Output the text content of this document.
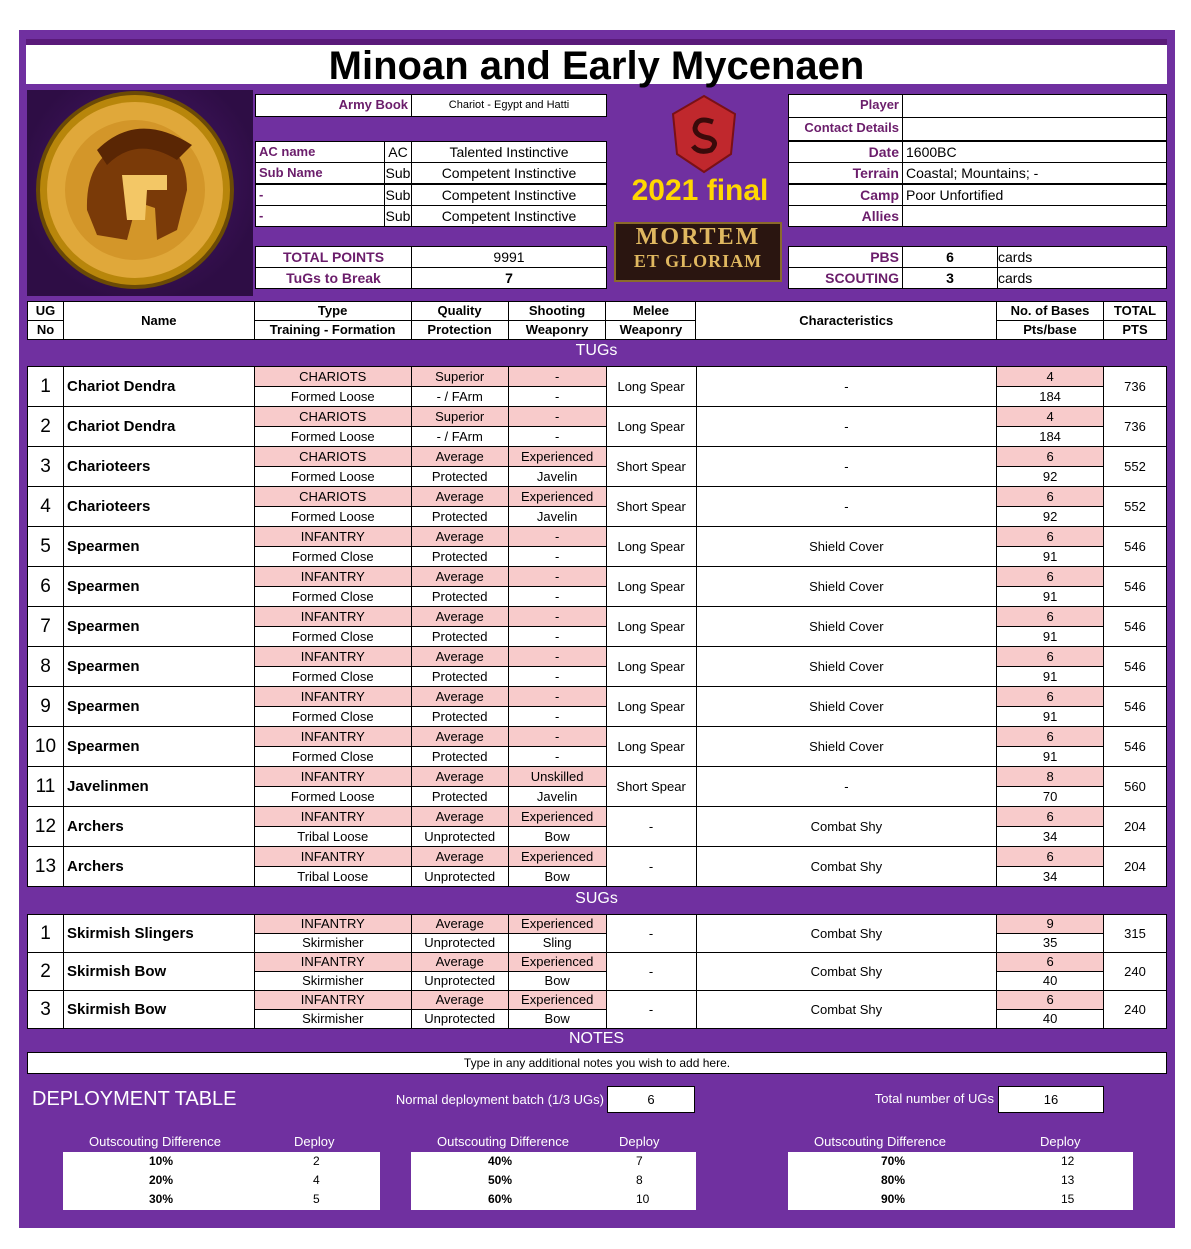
Minoan and Early Mycenaen
Army Book	Chariot - Egypt and Hatti
TOTAL POINTS	9991
TuGs to Break	7
2021 final
MORTEM
ET GLORIAM	PBS	6	cards
SCOUTING	3	cards
UG	Name	Type	Quality	Shooting	Melee	Characteristics	No. of Bases	TOTAL
No		Training - Formation	Protection	Weaponry	Weaponry		Pts/base	PTS
TUGs
1	Chariot Dendra	CHARIOTS	Superior	-	Long Spear	-	4	736
		Formed Loose	- / FArm	-			184	
2	Chariot Dendra	CHARIOTS	Superior	-	Long Spear	-	4	736
		Formed Loose	- / FArm	-			184	
3	Charioteers	CHARIOTS	Average	Experienced	Short Spear	-	6	552
		Formed Loose	Protected	Javelin			92	
4	Charioteers	CHARIOTS	Average	Experienced	Short Spear	-	6	552
		Formed Loose	Protected	Javelin			92	
5	Spearmen	INFANTRY	Average	-	Long Spear	Shield Cover	6	546
		Formed Close	Protected	-			91	
6	Spearmen	INFANTRY	Average	-	Long Spear	Shield Cover	6	546
		Formed Close	Protected	-			91	
7	Spearmen	INFANTRY	Average	-	Long Spear	Shield Cover	6	546
		Formed Close	Protected	-			91	
8	Spearmen	INFANTRY	Average	-	Long Spear	Shield Cover	6	546
		Formed Close	Protected	-			91	
9	Spearmen	INFANTRY	Average	-	Long Spear	Shield Cover	6	546
		Formed Close	Protected	-			91	
10	Spearmen	INFANTRY	Average	-	Long Spear	Shield Cover	6	546
		Formed Close	Protected	-			91	
11	Javelinmen	INFANTRY	Average	Unskilled	Short Spear	-	8	560
		Formed Loose	Protected	Javelin			70	
12	Archers	INFANTRY	Average	Experienced	-	Combat Shy	6	204
		Tribal Loose	Unprotected	Bow			34	
13	Archers	INFANTRY	Average	Experienced	-	Combat Shy	6	204
		Tribal Loose	Unprotected	Bow			34	
SUGs
1	Skirmish Slingers	INFANTRY	Average	Experienced	-	Combat Shy	9	315
		Skirmisher	Unprotected	Sling			35	
2	Skirmish Bow	INFANTRY	Average	Experienced	-	Combat Shy	6	240
		Skirmisher	Unprotected	Bow			40	
3	Skirmish Bow	INFANTRY	Average	Experienced	-	Combat Shy	6	240
		Skirmisher	Unprotected	Bow			40	
NOTES
Type in any additional notes you wish to add here.
DEPLOYMENT TABLE	Normal deployment batch (1/3 UGs)	6	Total number of UGs	16
AC name	AC	Talented Instinctive
Sub Name	Sub	Competent Instinctive
-	Sub	Competent Instinctive
-	Sub	Competent Instinctive
Player
Contact Details
Date 1600BC
Terrain Coastal; Mountains; -
Camp Poor Unfortified
Allies
Outscouting Difference	Deploy
10%	2
20%	4
30%	5
Outscouting Difference	Deploy
40%	7
50%	8
60%	10
Outscouting Difference	Deploy
70%	12
80%	13
90%	15
